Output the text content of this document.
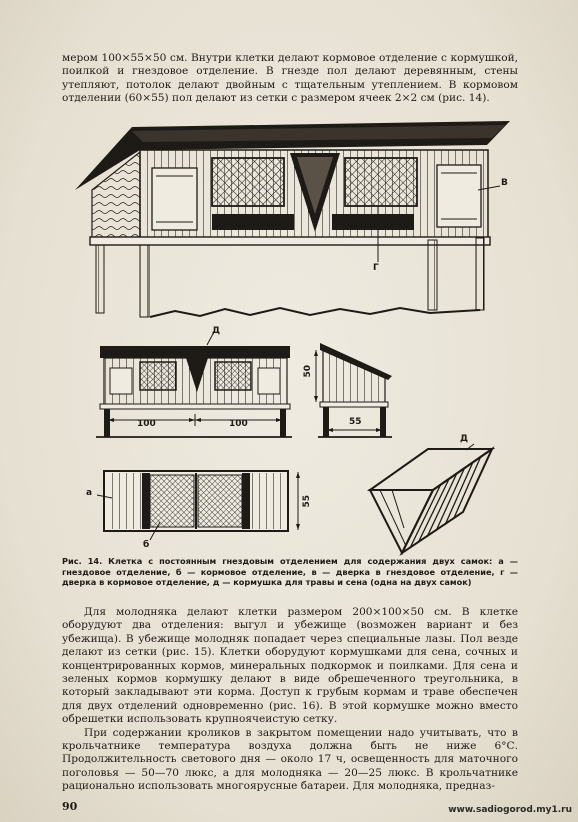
мером 100×55×50 см. Внутри клетки делают кормовое отделение с кормушкой, поилкой и гнездовое отделение. В гнезде пол делают деревянным, стены утепляют, потолок делают двойным с тщательным утеплением. В кормовом отделении (60×55) пол делают из сетки с размером ячеек 2×2 см (рис. 14).

В
Г
Д
Д
а
б
100	100
50
55
55
Рис. 14. Клетка с постоянным гнездовым отделением для содержания двух самок: а — гнездовое отделение, б — кормовое отделение, в — дверка в гнездовое отделение, г — дверка в кормовое отделение, д — кормушка для травы и сена (одна на двух самок)

Для молодняка делают клетки размером 200×100×50 см. В клетке оборудуют два отделения: выгул и убежище (возможен вариант и без убежища). В убежище молодняк попадает через специальные лазы. Пол везде делают из сетки (рис. 15). Клетки оборудуют кормушками для сена, сочных и концентрированных кормов, минеральных подкормок и поилками. Для сена и зеленых кормов кормушку делают в виде обрешеченного треугольника, в который закладывают эти корма. Доступ к грубым кормам и траве обеспечен для двух отделений одновременно (рис. 16). В этой кормушке можно вместо обрешетки использовать крупноячеистую сетку.

При содержании кроликов в закрытом помещении надо учитывать, что в крольчатнике температура воздуха должна быть не ниже 6°С. Продолжительность светового дня — около 17 ч, освещенность для маточного поголовья — 50—70 люкс, а для молодняка — 20—25 люкс. В крольчатнике рационально использовать многоярусные батареи. Для молодняка, предназ-

90	www.sadiogorod.my1.ru
